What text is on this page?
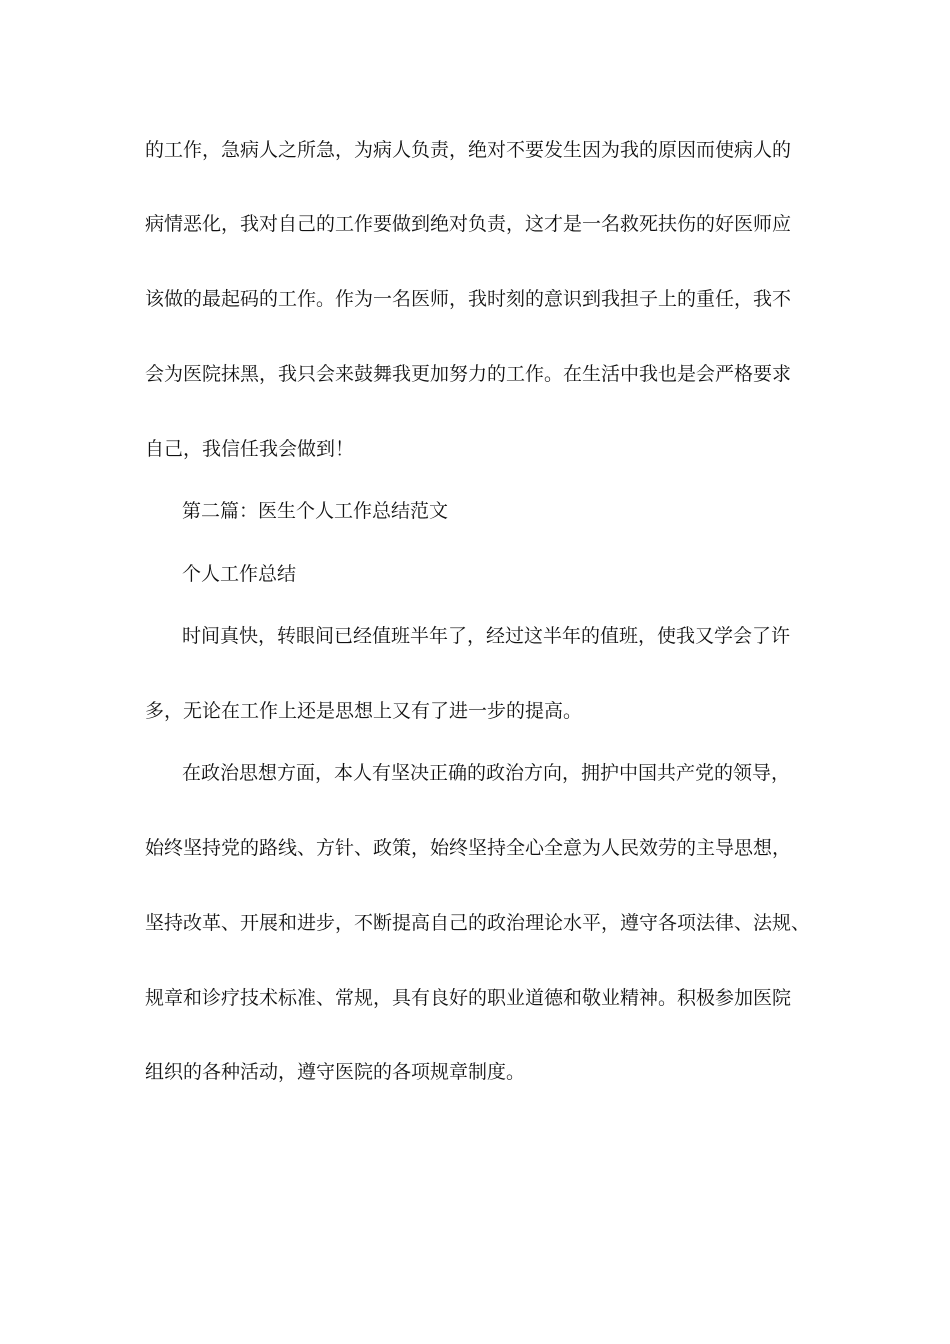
的工作，急病人之所急，为病人负责，绝对不要发生因为我的原因而使病人的
病情恶化，我对自己的工作要做到绝对负责，这才是一名救死扶伤的好医师应
该做的最起码的工作。作为一名医师，我时刻的意识到我担子上的重任，我不
会为医院抹黑，我只会来鼓舞我更加努力的工作。在生活中我也是会严格要求
自己，我信任我会做到！
第二篇：医生个人工作总结范文
个人工作总结
时间真快，转眼间已经值班半年了，经过这半年的值班，使我又学会了许
多，无论在工作上还是思想上又有了进一步的提高。
在政治思想方面，本人有坚决正确的政治方向，拥护中国共产党的领导，
始终坚持党的路线、方针、政策，始终坚持全心全意为人民效劳的主导思想，
坚持改革、开展和进步，不断提高自己的政治理论水平，遵守各项法律、法规、
规章和诊疗技术标准、常规，具有良好的职业道德和敬业精神。积极参加医院
组织的各种活动，遵守医院的各项规章制度。
